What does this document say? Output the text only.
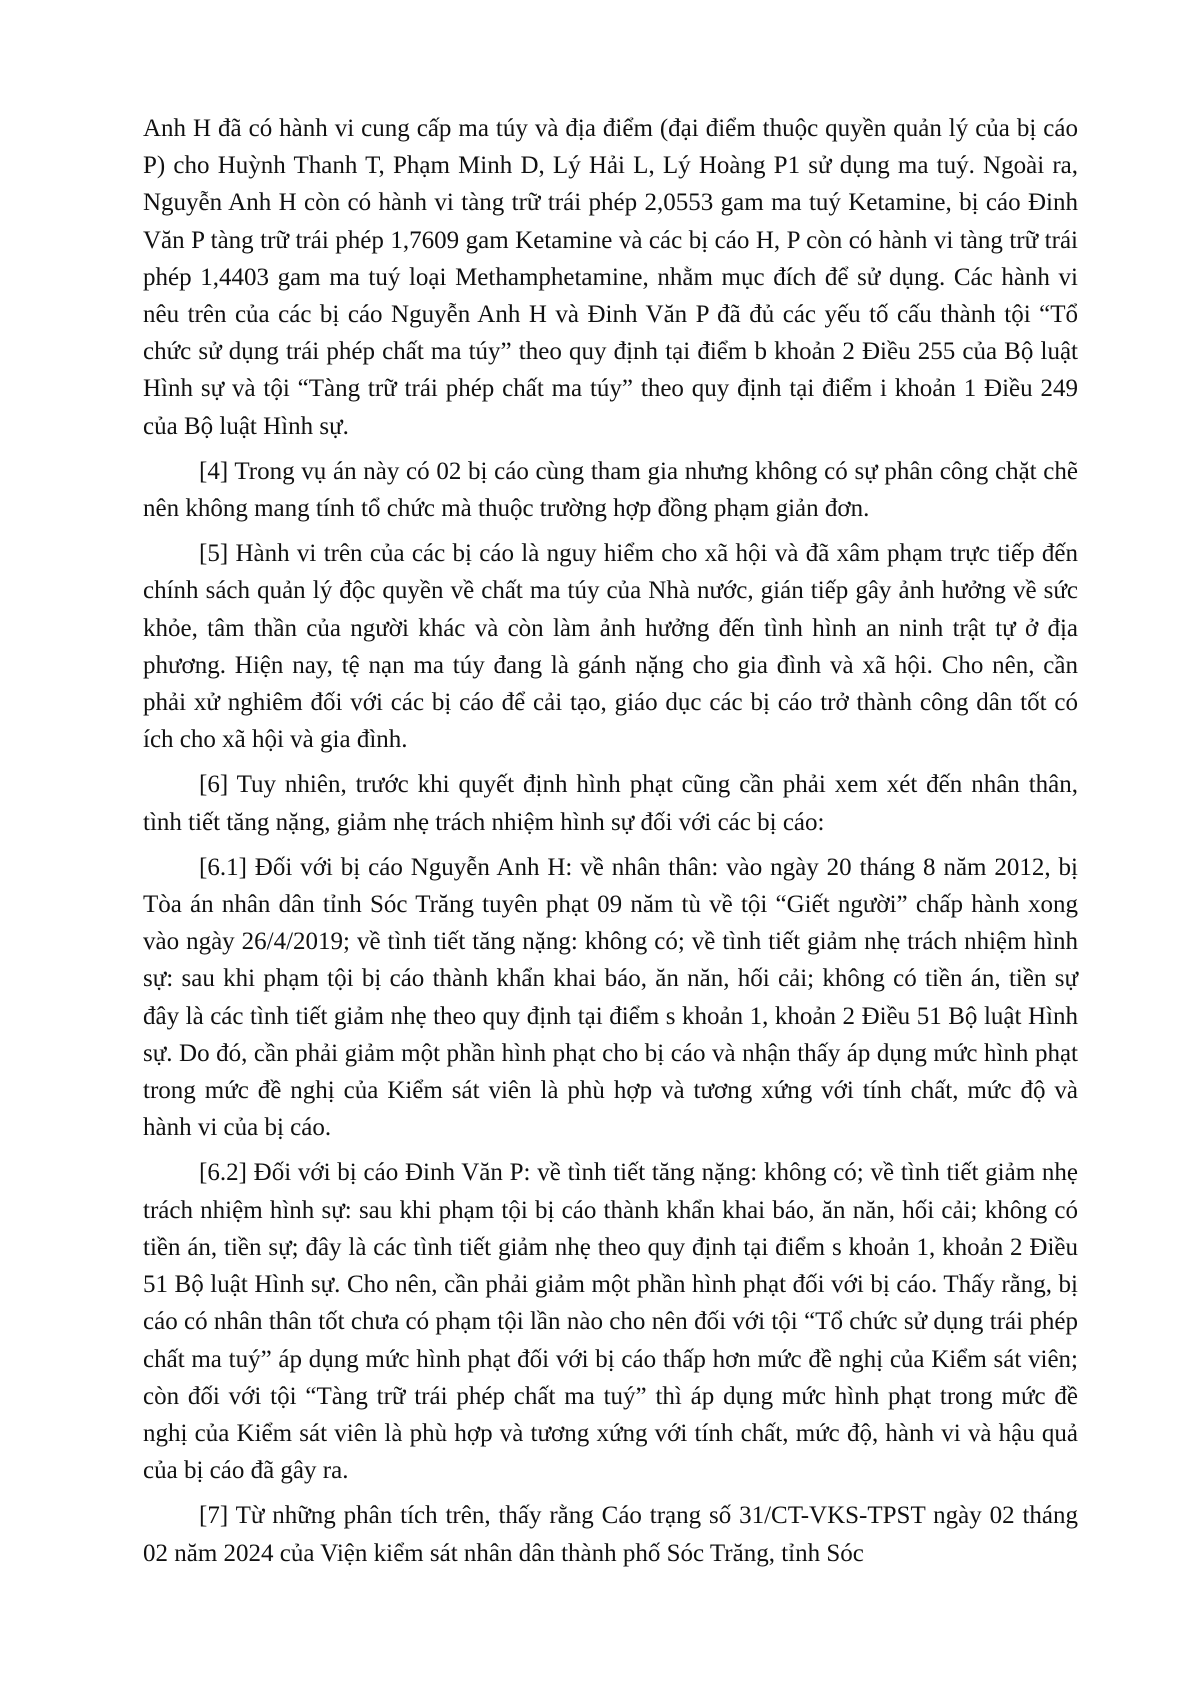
Anh H đã có hành vi cung cấp ma túy và địa điểm (đại điểm thuộc quyền quản lý của bị cáo P) cho Huỳnh Thanh T, Phạm Minh D, Lý Hải L, Lý Hoàng P1 sử dụng ma tuý. Ngoài ra, Nguyễn Anh H còn có hành vi tàng trữ trái phép 2,0553 gam ma tuý Ketamine, bị cáo Đinh Văn P tàng trữ trái phép 1,7609 gam Ketamine và các bị cáo H, P còn có hành vi tàng trữ trái phép 1,4403 gam ma tuý loại Methamphetamine, nhằm mục đích để sử dụng. Các hành vi nêu trên của các bị cáo Nguyễn Anh H và Đinh Văn P đã đủ các yếu tố cấu thành tội “Tổ chức sử dụng trái phép chất ma túy” theo quy định tại điểm b khoản 2 Điều 255 của Bộ luật Hình sự và tội “Tàng trữ trái phép chất ma túy” theo quy định tại điểm i khoản 1 Điều 249 của Bộ luật Hình sự.

[4] Trong vụ án này có 02 bị cáo cùng tham gia nhưng không có sự phân công chặt chẽ nên không mang tính tổ chức mà thuộc trường hợp đồng phạm giản đơn.

[5] Hành vi trên của các bị cáo là nguy hiểm cho xã hội và đã xâm phạm trực tiếp đến chính sách quản lý độc quyền về chất ma túy của Nhà nước, gián tiếp gây ảnh hưởng về sức khỏe, tâm thần của người khác và còn làm ảnh hưởng đến tình hình an ninh trật tự ở địa phương. Hiện nay, tệ nạn ma túy đang là gánh nặng cho gia đình và xã hội. Cho nên, cần phải xử nghiêm đối với các bị cáo để cải tạo, giáo dục các bị cáo trở thành công dân tốt có ích cho xã hội và gia đình.

[6] Tuy nhiên, trước khi quyết định hình phạt cũng cần phải xem xét đến nhân thân, tình tiết tăng nặng, giảm nhẹ trách nhiệm hình sự đối với các bị cáo:

[6.1] Đối với bị cáo Nguyễn Anh H: về nhân thân: vào ngày 20 tháng 8 năm 2012, bị Tòa án nhân dân tỉnh Sóc Trăng tuyên phạt 09 năm tù về tội “Giết người” chấp hành xong vào ngày 26/4/2019; về tình tiết tăng nặng: không có; về tình tiết giảm nhẹ trách nhiệm hình sự: sau khi phạm tội bị cáo thành khẩn khai báo, ăn năn, hối cải; không có tiền án, tiền sự đây là các tình tiết giảm nhẹ theo quy định tại điểm s khoản 1, khoản 2 Điều 51 Bộ luật Hình sự. Do đó, cần phải giảm một phần hình phạt cho bị cáo và nhận thấy áp dụng mức hình phạt trong mức đề nghị của Kiểm sát viên là phù hợp và tương xứng với tính chất, mức độ và hành vi của bị cáo.

[6.2] Đối với bị cáo Đinh Văn P: về tình tiết tăng nặng: không có; về tình tiết giảm nhẹ trách nhiệm hình sự: sau khi phạm tội bị cáo thành khẩn khai báo, ăn năn, hối cải; không có tiền án, tiền sự; đây là các tình tiết giảm nhẹ theo quy định tại điểm s khoản 1, khoản 2 Điều 51 Bộ luật Hình sự. Cho nên, cần phải giảm một phần hình phạt đối với bị cáo. Thấy rằng, bị cáo có nhân thân tốt chưa có phạm tội lần nào cho nên đối với tội “Tổ chức sử dụng trái phép chất ma tuý” áp dụng mức hình phạt đối với bị cáo thấp hơn mức đề nghị của Kiểm sát viên; còn đối với tội “Tàng trữ trái phép chất ma tuý” thì áp dụng mức hình phạt trong mức đề nghị của Kiểm sát viên là phù hợp và tương xứng với tính chất, mức độ, hành vi và hậu quả của bị cáo đã gây ra.

[7] Từ những phân tích trên, thấy rằng Cáo trạng số 31/CT-VKS-TPST ngày 02 tháng 02 năm 2024 của Viện kiểm sát nhân dân thành phố Sóc Trăng, tỉnh Sóc
